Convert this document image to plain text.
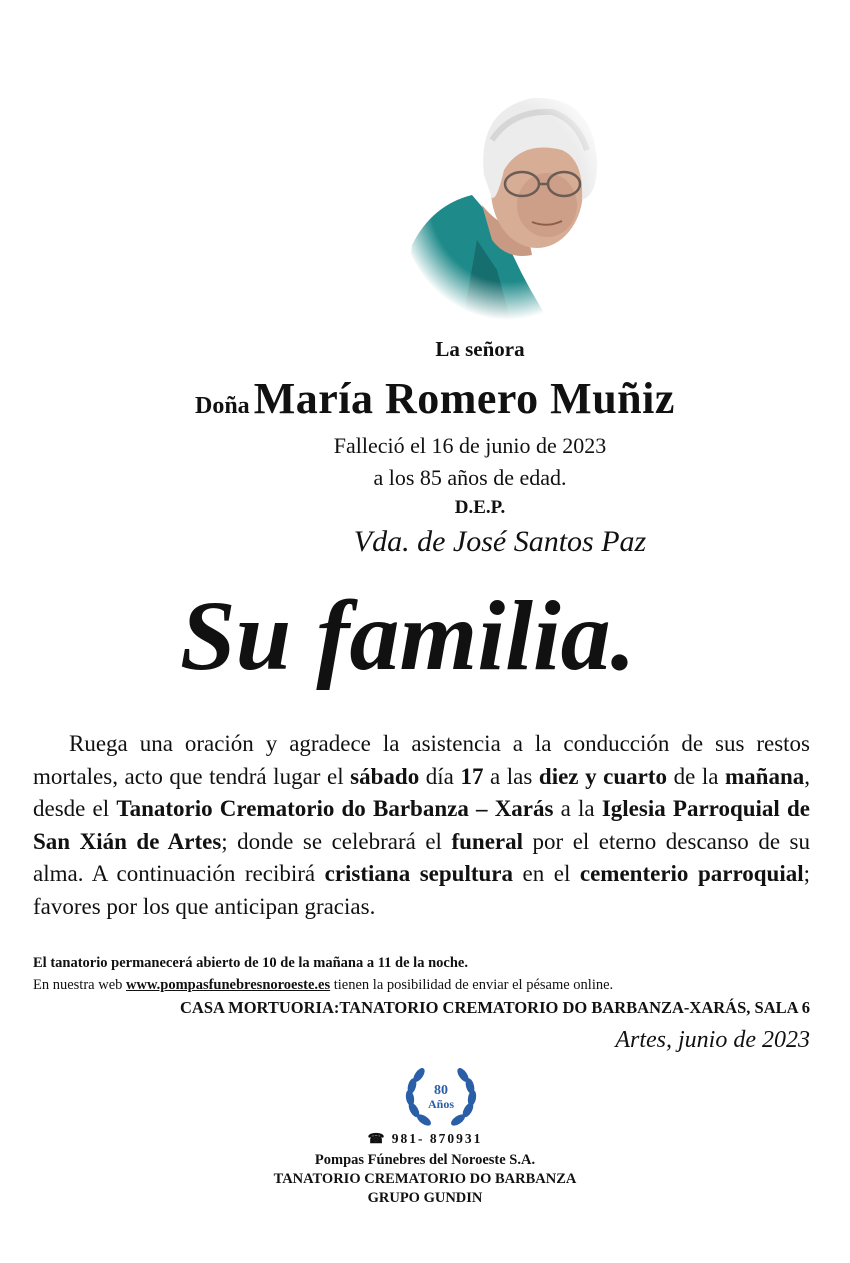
La señora
Doña María Romero Muñiz
Falleció el 16 de junio de 2023
a los 85 años de edad.
D.E.P.
Vda. de José Santos Paz
Su familia.
Ruega una oración y agradece la asistencia a la conducción de sus restos mortales, acto que tendrá lugar el sábado día 17 a las diez y cuarto de la mañana, desde el Tanatorio Crematorio do Barbanza – Xarás a la Iglesia Parroquial de San Xián de Artes; donde se celebrará el funeral por el eterno descanso de su alma. A continuación recibirá cristiana sepultura en el cementerio parroquial; favores por los que anticipan gracias.
El tanatorio permanecerá abierto de 10 de la mañana a 11 de la noche.
En nuestra web www.pompasfunebresnoroeste.es tienen la posibilidad de enviar el pésame online.
CASA MORTUORIA:TANATORIO CREMATORIO DO BARBANZA-XARÁS, SALA 6
Artes, junio de 2023
80
Años
☎ 981- 870931
Pompas Fúnebres del Noroeste S.A.
TANATORIO CREMATORIO DO BARBANZA
GRUPO GUNDIN
